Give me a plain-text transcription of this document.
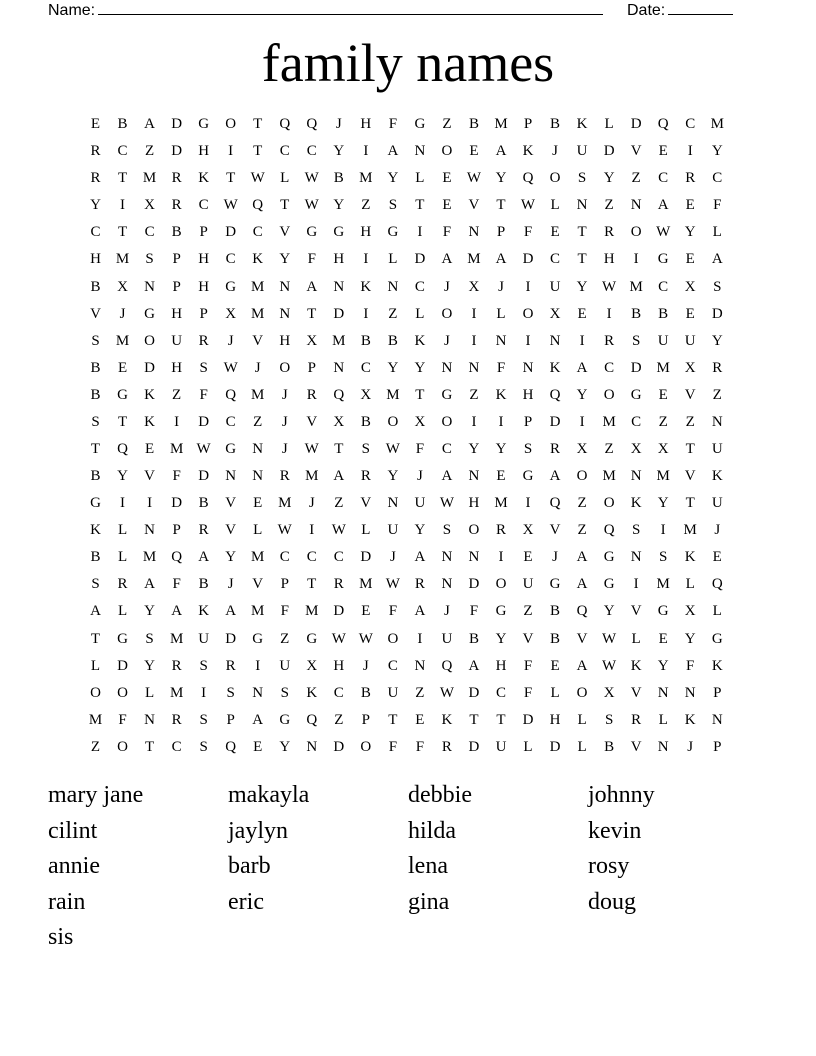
Name:	Date:
family names
E	B	A	D	G	O	T	Q	Q	J	H	F	G	Z	B	M	P	B	K	L	D	Q	C	M
R	C	Z	D	H	I	T	C	C	Y	I	A	N	O	E	A	K	J	U	D	V	E	I	Y
R	T	M	R	K	T	W	L	W B	M Y	L	E	W Y	Q	O	S	Y	Z	C	R	C
Y	I	X	R	C W Q	T	W Y	Z	S	T	E	V	T	W	L	N	Z	N	A	E	F
C	T	C	B	P	D	C	V	G	G	H	G	I	F	N	P	F	E	T	R	O W Y	L
H M	S	P	H	C	K	Y	F	H	I	L	D	A M A	D	C	T	H	I	G	E	A
B	X	N	P	H	G M N	A	N	K	N	C	J	X	J	I	U	Y W M	C	X	S
V	J	G	H	P	X M N	T	D	I	Z	L	O	I	L	O	X	E	I	B	B	E	D
S	M O	U	R	J	V	H	X M	B	B	K	J	I	N	I	N	I	R	S	U	U	Y
B	E	D	H	S	W	J	O	P	N	C	Y	Y	N	N	F	N	K	A	C	D M X	R
B	G	K	Z	F	Q M	J	R	Q	X M	T	G	Z	K	H	Q	Y	O	G	E	V	Z
S	T	K	I	D	C	Z	J	V	X	B	O	X	O	I	I	P	D	I	M	C	Z	Z	N
T	Q	E	M W G	N	J	W	T	S	W	F	C	Y	Y	S	R	X	Z	X	X	T	U
B	Y	V	F	D	N	N	R	M A	R	Y	J	A	N	E	G	A	O M N M V	K
G	I	I	D	B	V	E	M	J	Z	V	N	U W H M	I	Q	Z	O	K	Y	T	U
K	L	N	P	R	V	L	W	I	W	L	U	Y	S	O	R	X	V	Z	Q	S	I	M	J
B	L	M Q	A	Y M	C	C	C	D	J	A	N	N	I	E	J	A	G	N	S	K	E
S	R	A	F	B	J	V	P	T	R	M W R	N	D	O	U	G	A	G	I	M	L	Q
A	L	Y	A	K	A M	F	M D	E	F	A	J	F	G	Z	B	Q	Y	V	G	X	L
T	G	S	M U	D	G	Z	G W W O	I	U	B	Y	V	B	V W	L	E	Y	G
L	D	Y	R	S	R	I	U	X	H	J	C	N	Q	A	H	F	E	A W K	Y	F	K
O	O	L	M	I	S	N	S	K	C	B	U	Z	W D	C	F	L	O	X	V	N	N	P
M	F	N	R	S	P	A	G	Q	Z	P	T	E	K	T	T	D	H	L	S	R	L	K	N
Z	O	T	C	S	Q	E	Y	N	D	O	F	F	R	D	U	L	D	L	B	V	N	J	P
mary jane	makayla	debbie	johnny
cilint	jaylyn	hilda	kevin
annie	barb	lena	rosy
rain	eric	gina	doug
sis
